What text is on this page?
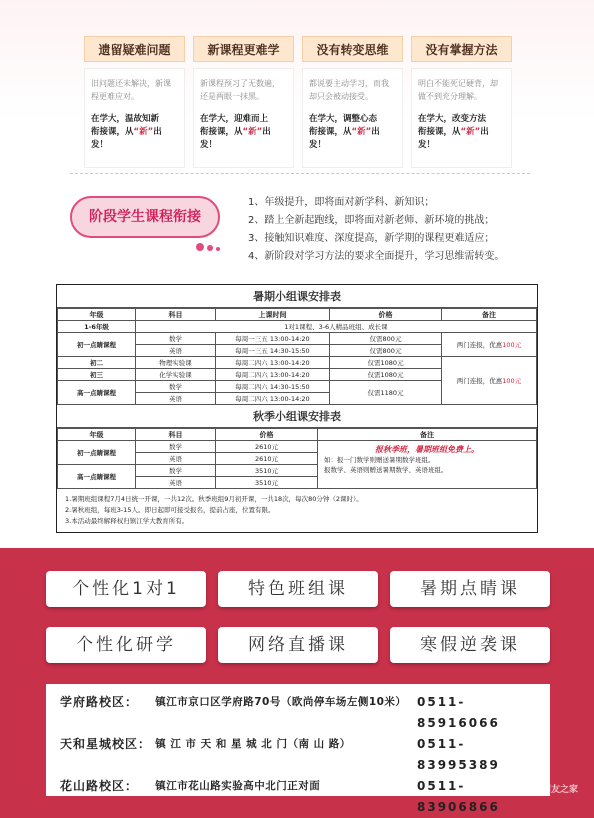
遗留疑难问题
旧问题还未解决，新课
程更难应对。
在学大，温故知新
衔接课，从“新”出发！
新课程更难学
新课程预习了无数遍，
还是两眼一抹黑。
在学大，迎难而上
衔接课，从“新”出发！
没有转变思维
都说要主动学习，而我
却只会被动接受。
在学大，调整心态
衔接课，从“新”出发！
没有掌握方法
明白不能死记硬背，却
做不到充分理解。
在学大，改变方法
衔接课，从“新”出发！
阶段学生课程衔接
1、年级提升，即将面对新学科、新知识；
2、踏上全新起跑线，即将面对新老师、新环境的挑战；
3、接触知识难度、深度提高，新学期的课程更难适应；
4、新阶段对学习方法的要求全面提升，学习思维需转变。
暑期小组课安排表
年级	科目	上课时间	价格	备注
1-6年级	1对1课程、3-6人精品班组、成长课			
初一点睛课程	数学	每周一三五 13:00-14:20	仅需800元	两门连报，优惠100元
	英语	每周一三五 14:30-15:50	仅需800元	
初二	物理实验课	每周二四六 13:00-14:20	仅需1080元	两门连报，优惠100元
初三	化学实验课	每周二四六 13:00-14:20	仅需1080元	
高一点睛课程	数学	每周二四六 14:30-15:50	仅需1180元	
	英语	每周二四六 13:00-14:20		
秋季小组课安排表
年级	科目	价格	备注
初一点睛课程	数学	2610元	报秋季班，暑期班组免费上。
如：报一门数学则赠送暑期数学班组。
报数学、英语则赠送暑期数学、英语班组。

	英语	2610元	
高一点睛课程	数学	3510元	
	英语	3510元	
1.暑期班组课程7月4日统一开课，一共12次。秋季班组9月初开课，一共18次，每次80分钟（2课时）。
2.暑秋班组，每班3-15人。即日起即可接受报名，提前占座，位置有限。
3.本活动最终解释权归镇江学大教育所有。
个性化1对1	特色班组课	暑期点睛课
个性化研学	网络直播课	寒假逆袭课
学府路校区：	镇江市京口区学府路70号（欧尚停车场左侧10米） 0511-85916066
天和星城校区： 镇 江 市 天 和 星 城 北 门（南 山 路）	0511-83995389
花山路校区：	镇江市花山路实验高中北门正对面	0511-83906866
镇江网友之家
